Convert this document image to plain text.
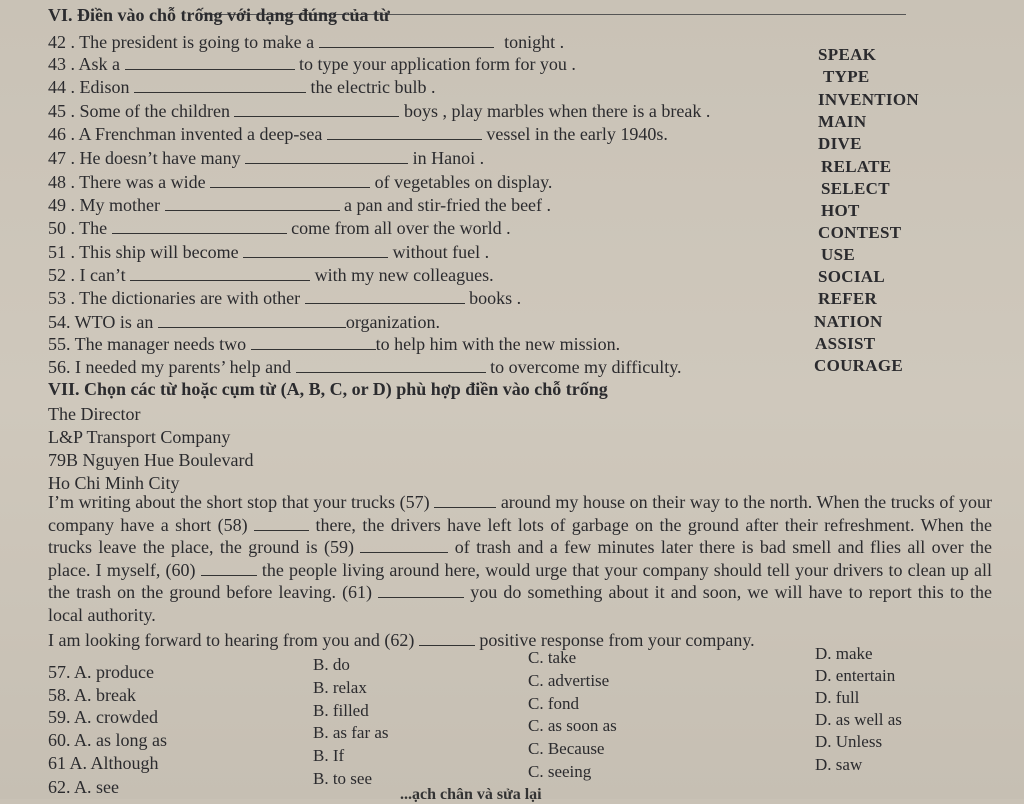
VI. Điền vào chỗ trống với dạng đúng của từ
42 . The president is going to make a	tonight .
43 . Ask a	to type your application form for you .
44 . Edison	the electric bulb .
45 . Some of the children	boys , play marbles when there is a break .
46 . A Frenchman invented a deep-sea	vessel in the early 1940s.
47 . He doesn’t have many	in Hanoi .
48 . There was a wide	of vegetables on display.
49 . My mother	a pan and stir-fried the beef .
50 . The	come from all over the world .
51 . This ship will become	without fuel .
52 . I can’t	with my new colleagues.
53 . The dictionaries are with other	books .
54. WTO is an	organization.
55. The manager needs two	to help him with the new mission.
56. I needed my parents’ help and	to overcome my difficulty.
SPEAK
TYPE
INVENTION
MAIN
DIVE
RELATE
SELECT
HOT
CONTEST
USE
SOCIAL
REFER
NATION
ASSIST
COURAGE
VII. Chọn các từ hoặc cụm từ (A, B, C, or D) phù hợp điền vào chỗ trống
The Director
L&P Transport Company
79B Nguyen Hue Boulevard
Ho Chi Minh City
I’m writing about the short stop that your trucks (57)	around my house on their way to the north. When the trucks of your company have a short (58)	there, the drivers have left lots of garbage on the ground after their refreshment. When the trucks leave the place, the ground is (59)	of trash and a few minutes later there is bad smell and flies all over the place. I myself, (60)	the people living around here, would urge that your company should tell your drivers to clean up all the trash on the ground before leaving. (61)	you do something about it and soon, we will have to report this to the local authority.
I am looking forward to hearing from you and (62)	positive response from your company.
57. A. produce	B. do	C. take	D. make
58. A. break	B. relax	C. advertise	D. entertain
59. A. crowded	B. filled	C. fond	D. full
60. A. as long as	B. as far as	C. as soon as	D. as well as
61 A. Although	B. If	C. Because	D. Unless
62. A. see	B. to see	C. seeing	D. saw
...ạch chân và sửa lại
